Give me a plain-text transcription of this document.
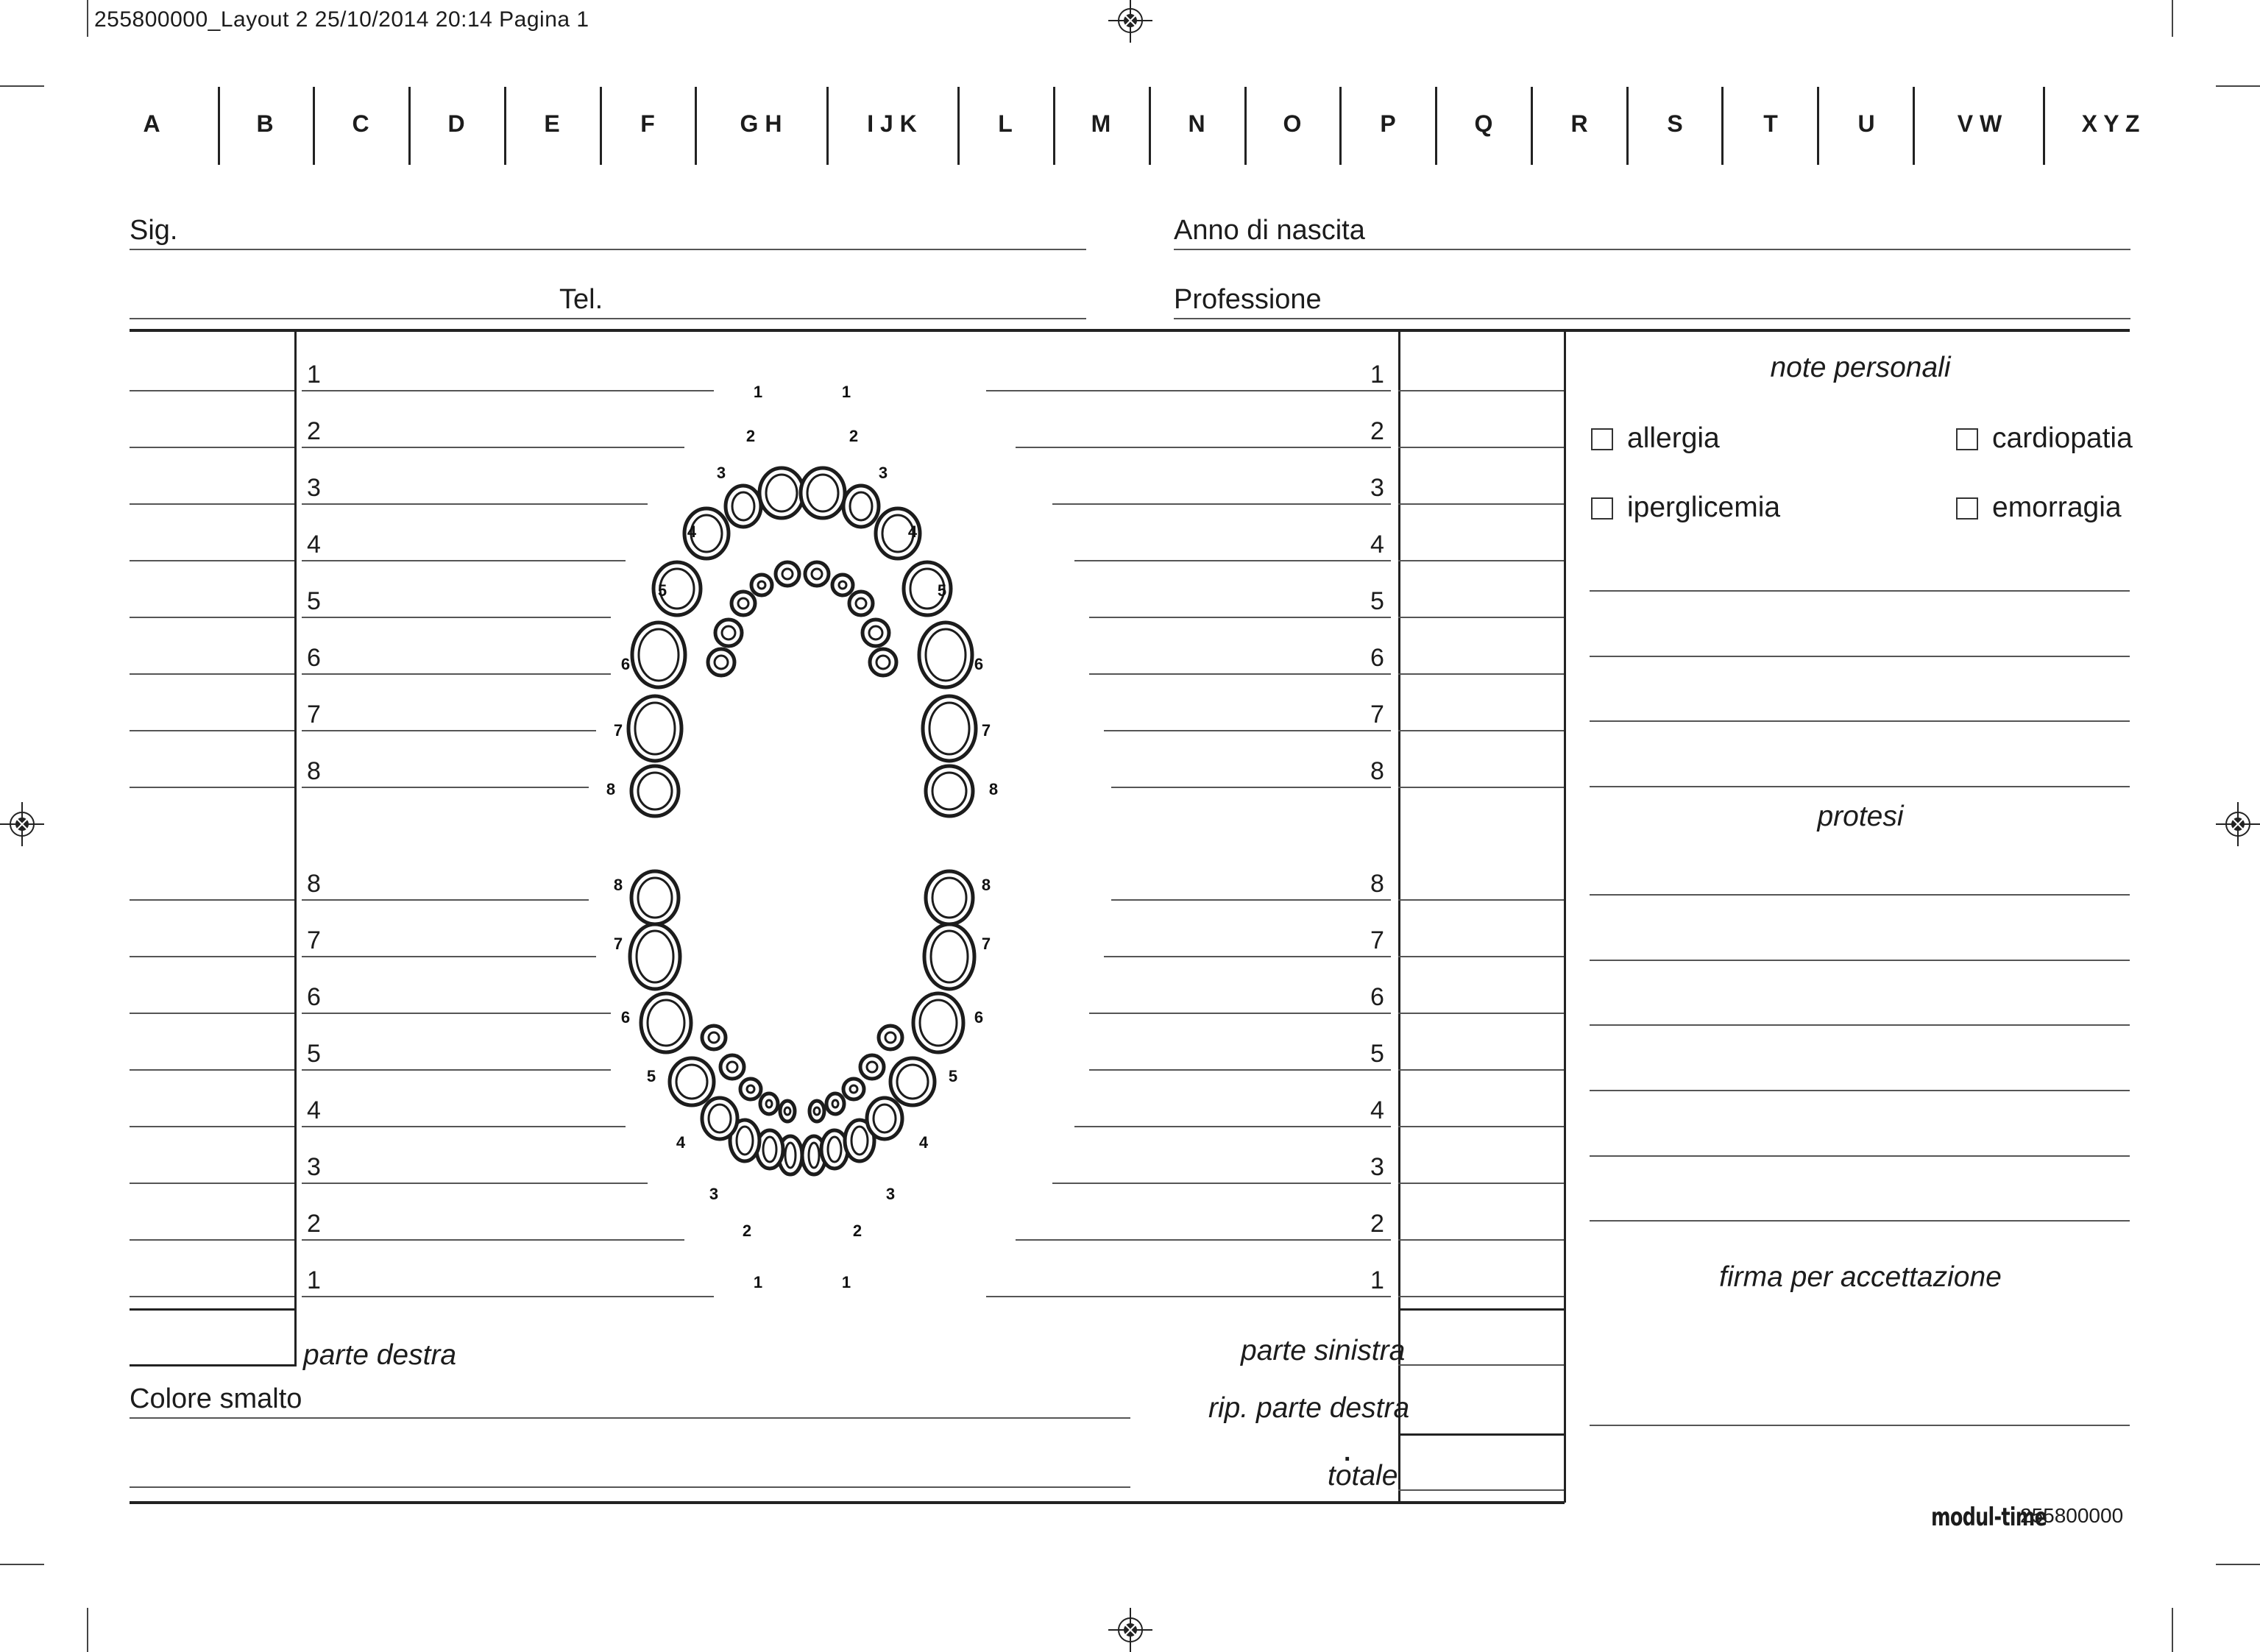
255800000_Layout 2 25/10/2014 20:14 Pagina 1
A	B	C	D	E	F	G H	I J K	L	M	N	O	P	Q	R	S	T	U	V W	X Y Z
Sig.	Anno di nascita
Tel.	Professione
1	1
2	2
3	3
4	4
5	5
6	6
7	7
8	8
8	8
7	7
6	6
5	5
4	4
3	3
2	2
1	1
1	1
2	2
3	3
4	4
5	5
6	6
7	7
8	8
1	1
2	2
3	3
4	4
5	5
6	6
7	7
8	8
parte destra
Colore smalto
parte sinistra
rip. parte destra
.
totale
note personali
allergia	cardiopatia
iperglicemia	emorragia
protesi
firma per accettazione
modul-time
255800000
